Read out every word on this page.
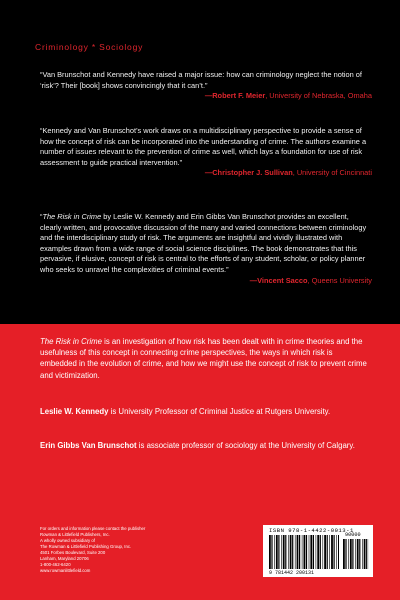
Criminology * Sociology
“Van Brunschot and Kennedy have raised a major issue: how can criminology neglect the notion of ‘risk’? Their [book] shows convincingly that it can’t.”
—Robert F. Meier, University of Nebraska, Omaha
“Kennedy and Van Brunschot’s work draws on a multidisciplinary perspective to provide a sense of how the concept of risk can be incorporated into the understanding of crime. The authors examine a number of issues relevant to the prevention of crime as well, which lays a foundation for use of risk assessment to guide practical intervention.”
—Christopher J. Sullivan, University of Cincinnati
“The Risk in Crime by Leslie W. Kennedy and Erin Gibbs Van Brunschot provides an excellent, clearly written, and provocative discussion of the many and varied connections between criminology and the interdisciplinary study of risk. The arguments are insightful and vividly illustrated with examples drawn from a wide range of social science disciplines. The book demonstrates that this pervasive, if elusive, concept of risk is central to the efforts of any student, scholar, or policy planner who seeks to unravel the complexities of criminal events.”
—Vincent Sacco, Queens University
The Risk in Crime is an investigation of how risk has been dealt with in crime theories and the usefulness of this concept in connecting crime perspectives, the ways in which risk is embedded in the evolution of crime, and how we might use the concept of risk to prevent crime and victimization.
Leslie W. Kennedy is University Professor of Criminal Justice at Rutgers University.
Erin Gibbs Van Brunschot is associate professor of sociology at the University of Calgary.
For orders and information please contact the publisher
Rowman & Littlefield Publishers, Inc.
A wholly owned subsidiary of
The Rowman & Littlefield Publishing Group, Inc.
4501 Forbes Boulevard, Suite 200
Lanham, Maryland 20706
1-800-462-6420
www.rowmanlittlefield.com
ISBN 978-1-4422-0013-1
90000
9 781442 200131
